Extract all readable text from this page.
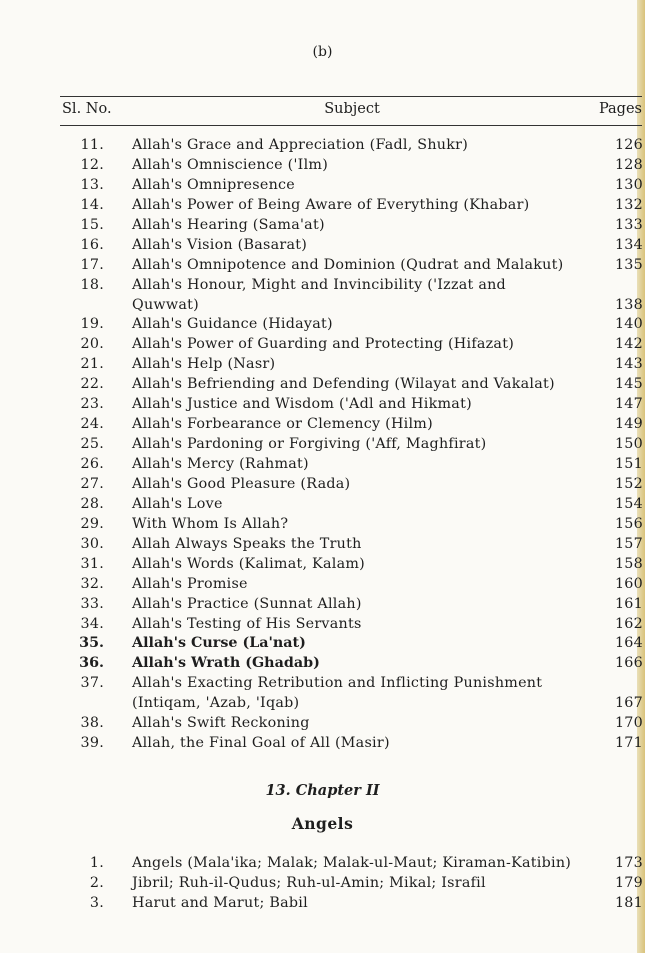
(b)
Sl. No.	Subject	Pages
11. Allah's Grace and Appreciation (Fadl, Shukr)	126
12. Allah's Omniscience ('Ilm)	128
13. Allah's Omnipresence	130
14. Allah's Power of Being Aware of Everything (Khabar)	132
15. Allah's Hearing (Sama'at)	133
16. Allah's Vision (Basarat)	134
17. Allah's Omnipotence and Dominion (Qudrat and Malakut)	135
18. Allah's Honour, Might and Invincibility ('Izzat and
Quwwat)	138
19. Allah's Guidance (Hidayat)	140
20. Allah's Power of Guarding and Protecting (Hifazat)	142
21. Allah's Help (Nasr)	143
22. Allah's Befriending and Defending (Wilayat and Vakalat)	145
23. Allah's Justice and Wisdom ('Adl and Hikmat)	147
24. Allah's Forbearance or Clemency (Hilm)	149
25. Allah's Pardoning or Forgiving ('Aff, Maghfirat)	150
26. Allah's Mercy (Rahmat)	151
27. Allah's Good Pleasure (Rada)	152
28. Allah's Love	154
29. With Whom Is Allah?	156
30. Allah Always Speaks the Truth	157
31. Allah's Words (Kalimat, Kalam)	158
32. Allah's Promise	160
33. Allah's Practice (Sunnat Allah)	161
34. Allah's Testing of His Servants	162
35. Allah's Curse (La'nat)	164
36. Allah's Wrath (Ghadab)	166
37. Allah's Exacting Retribution and Inflicting Punishment
(Intiqam, 'Azab, 'Iqab)	167
38. Allah's Swift Reckoning	170
39. Allah, the Final Goal of All (Masir)	171
13. Chapter II
Angels
1. Angels (Mala'ika; Malak; Malak-ul-Maut; Kiraman-Katibin)	173
2. Jibril; Ruh-il-Qudus; Ruh-ul-Amin; Mikal; Israfil	179
3. Harut and Marut; Babil	181
